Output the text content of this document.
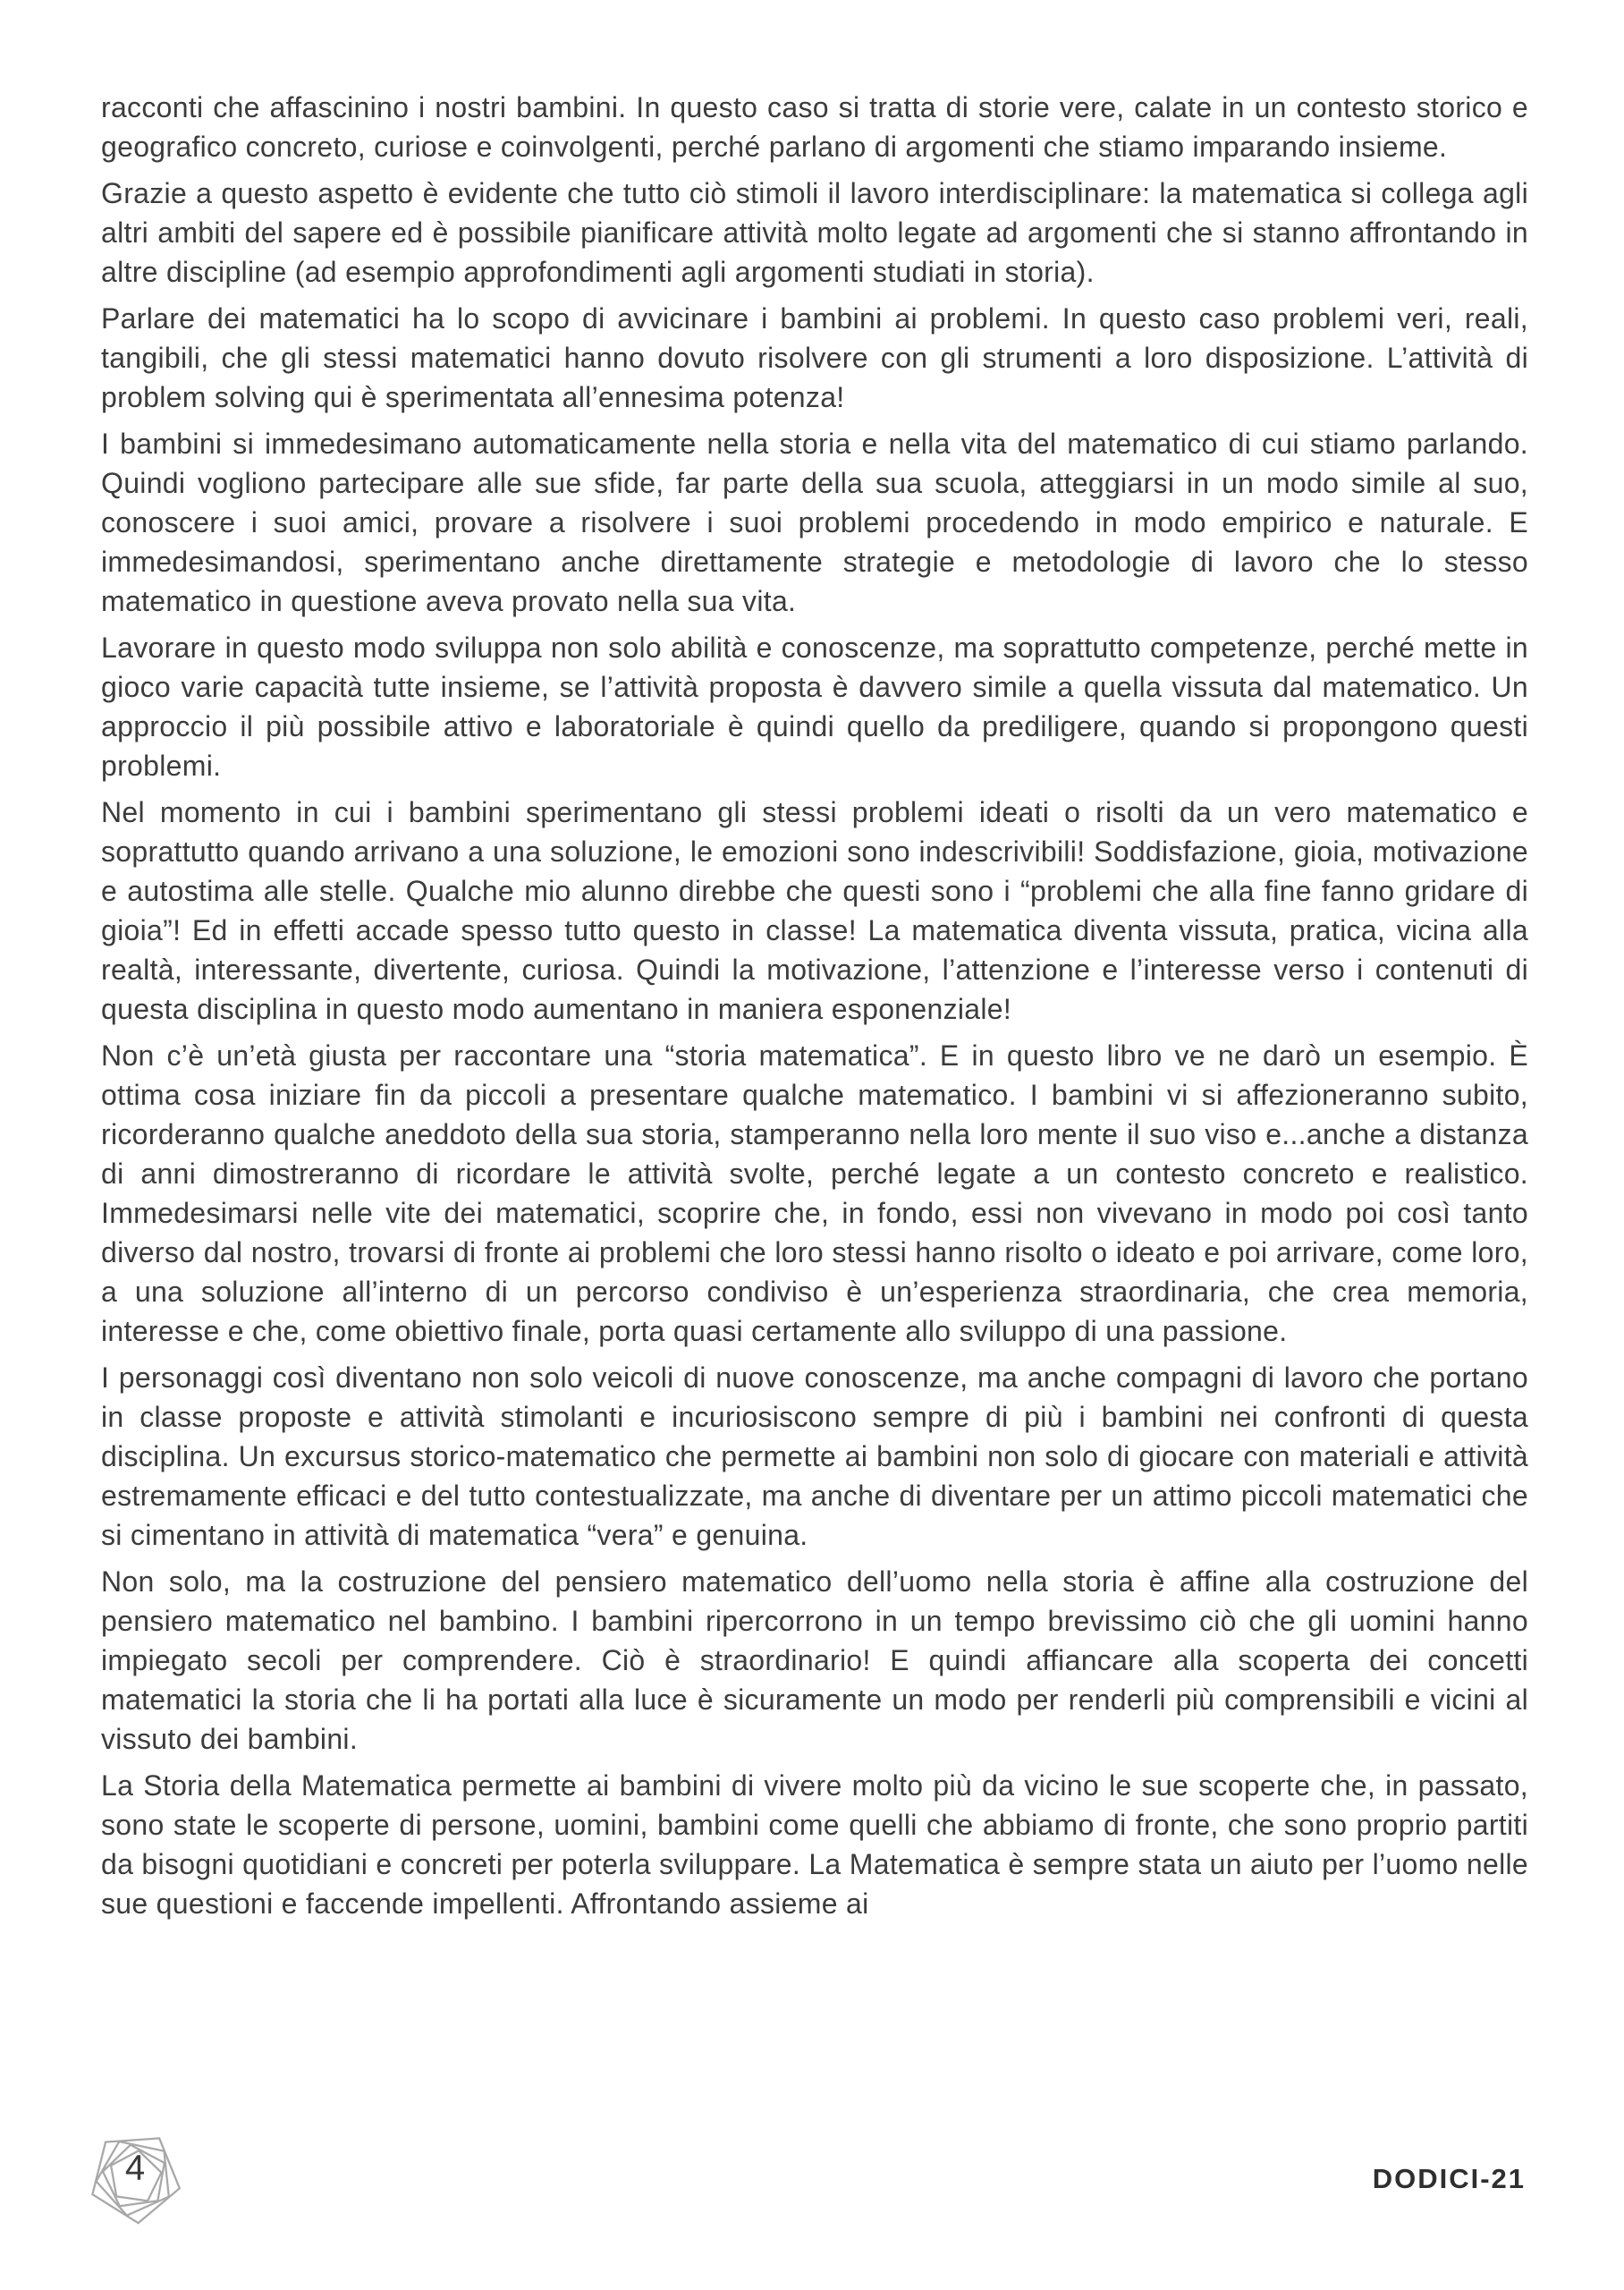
racconti che affascinino i nostri bambini. In questo caso si tratta di storie vere, calate in un contesto storico e geografico concreto, curiose e coinvolgenti, perché parlano di argomenti che stiamo imparando insieme.

Grazie a questo aspetto è evidente che tutto ciò stimoli il lavoro interdisciplinare: la matematica si collega agli altri ambiti del sapere ed è possibile pianificare attività molto legate ad argomenti che si stanno affrontando in altre discipline (ad esempio approfondimenti agli argomenti studiati in storia).

Parlare dei matematici ha lo scopo di avvicinare i bambini ai problemi. In questo caso problemi veri, reali, tangibili, che gli stessi matematici hanno dovuto risolvere con gli strumenti a loro disposizione. L’attività di problem solving qui è sperimentata all’ennesima potenza!

I bambini si immedesimano automaticamente nella storia e nella vita del matematico di cui stiamo parlando. Quindi vogliono partecipare alle sue sfide, far parte della sua scuola, atteggiarsi in un modo simile al suo, conoscere i suoi amici, provare a risolvere i suoi problemi procedendo in modo empirico e naturale. E immedesimandosi, sperimentano anche direttamente strategie e metodologie di lavoro che lo stesso matematico in questione aveva provato nella sua vita.

Lavorare in questo modo sviluppa non solo abilità e conoscenze, ma soprattutto competenze, perché mette in gioco varie capacità tutte insieme, se l’attività proposta è davvero simile a quella vissuta dal matematico. Un approccio il più possibile attivo e laboratoriale è quindi quello da prediligere, quando si propongono questi problemi.

Nel momento in cui i bambini sperimentano gli stessi problemi ideati o risolti da un vero matematico e soprattutto quando arrivano a una soluzione, le emozioni sono indescrivibili! Soddisfazione, gioia, motivazione e autostima alle stelle. Qualche mio alunno direbbe che questi sono i “problemi che alla fine fanno gridare di gioia”! Ed in effetti accade spesso tutto questo in classe! La matematica diventa vissuta, pratica, vicina alla realtà, interessante, divertente, curiosa. Quindi la motivazione, l’attenzione e l’interesse verso i contenuti di questa disciplina in questo modo aumentano in maniera esponenziale!

Non c’è un’età giusta per raccontare una “storia matematica”. E in questo libro ve ne darò un esempio. È ottima cosa iniziare fin da piccoli a presentare qualche matematico. I bambini vi si affezioneranno subito, ricorderanno qualche aneddoto della sua storia, stamperanno nella loro mente il suo viso e...anche a distanza di anni dimostreranno di ricordare le attività svolte, perché legate a un contesto concreto e realistico. Immedesimarsi nelle vite dei matematici, scoprire che, in fondo, essi non vivevano in modo poi così tanto diverso dal nostro, trovarsi di fronte ai problemi che loro stessi hanno risolto o ideato e poi arrivare, come loro, a una soluzione all’interno di un percorso condiviso è un’esperienza straordinaria, che crea memoria, interesse e che, come obiettivo finale, porta quasi certamente allo sviluppo di una passione.

I personaggi così diventano non solo veicoli di nuove conoscenze, ma anche compagni di lavoro che portano in classe proposte e attività stimolanti e incuriosiscono sempre di più i bambini nei confronti di questa disciplina. Un excursus storico-matematico che permette ai bambini non solo di giocare con materiali e attività estremamente efficaci e del tutto contestualizzate, ma anche di diventare per un attimo piccoli matematici che si cimentano in attività di matematica “vera” e genuina.

Non solo, ma la costruzione del pensiero matematico dell’uomo nella storia è affine alla costruzione del pensiero matematico nel bambino. I bambini ripercorrono in un tempo brevissimo ciò che gli uomini hanno impiegato secoli per comprendere. Ciò è straordinario! E quindi affiancare alla scoperta dei concetti matematici la storia che li ha portati alla luce è sicuramente un modo per renderli più comprensibili e vicini al vissuto dei bambini.

La Storia della Matematica permette ai bambini di vivere molto più da vicino le sue scoperte che, in passato, sono state le scoperte di persone, uomini, bambini come quelli che abbiamo di fronte, che sono proprio partiti da bisogni quotidiani e concreti per poterla sviluppare. La Matematica è sempre stata un aiuto per l’uomo nelle sue questioni e faccende impellenti. Affrontando assieme ai

4	DODICI-21
